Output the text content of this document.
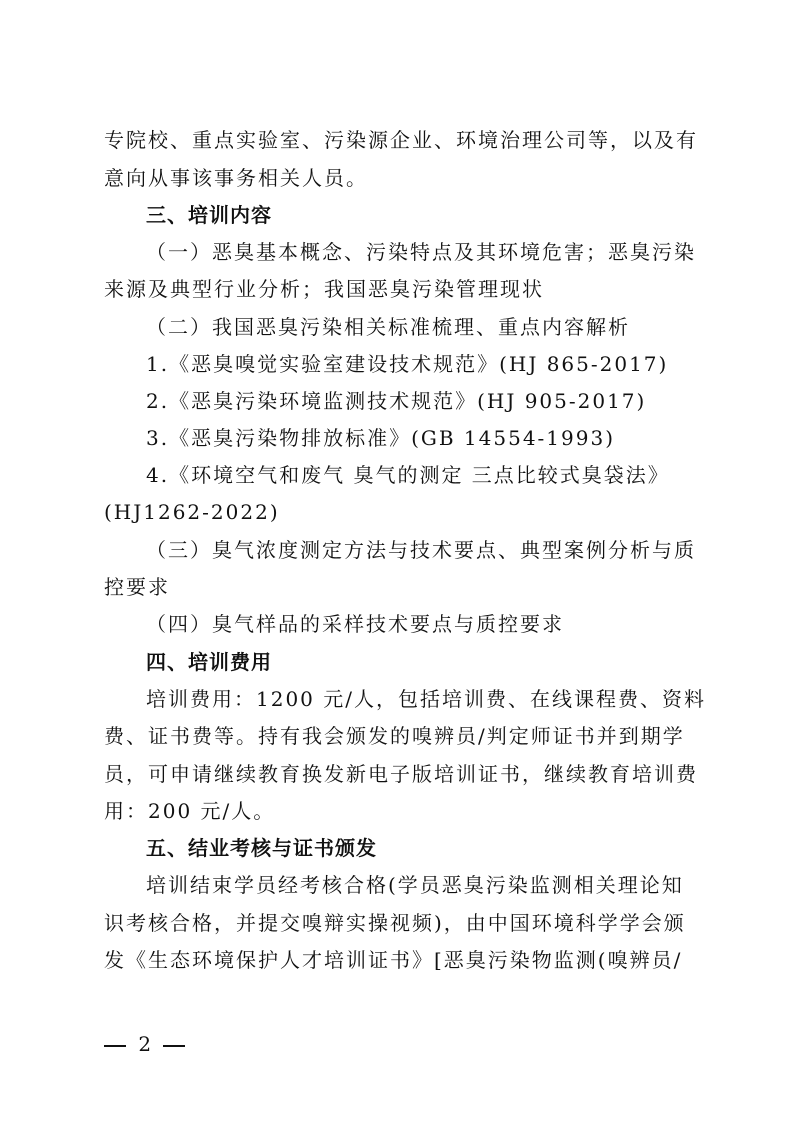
专院校、重点实验室、污染源企业、环境治理公司等，以及有
意向从事该事务相关人员。
三、培训内容
（一）恶臭基本概念、污染特点及其环境危害；恶臭污染
来源及典型行业分析；我国恶臭污染管理现状
（二）我国恶臭污染相关标准梳理、重点内容解析
1.《恶臭嗅觉实验室建设技术规范》(HJ 865-2017)
2.《恶臭污染环境监测技术规范》(HJ 905-2017)
3.《恶臭污染物排放标准》(GB 14554-1993)
4.《环境空气和废气 臭气的测定 三点比较式臭袋法》
(HJ1262-2022)
（三）臭气浓度测定方法与技术要点、典型案例分析与质
控要求
（四）臭气样品的采样技术要点与质控要求
四、培训费用
培训费用：1200 元/人，包括培训费、在线课程费、资料
费、证书费等。持有我会颁发的嗅辨员/判定师证书并到期学
员，可申请继续教育换发新电子版培训证书，继续教育培训费
用：200 元/人。
五、结业考核与证书颁发
培训结束学员经考核合格(学员恶臭污染监测相关理论知
识考核合格，并提交嗅辩实操视频)，由中国环境科学学会颁
发《生态环境保护人才培训证书》[恶臭污染物监测(嗅辨员/
2
